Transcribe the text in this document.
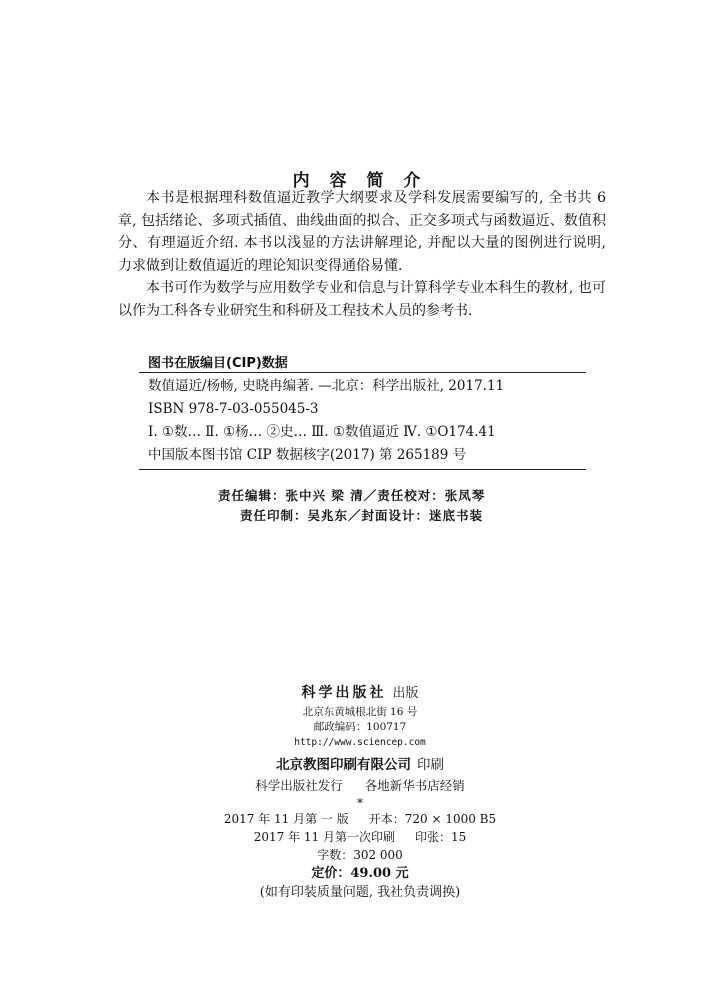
内 容 简 介

本书是根据理科数值逼近教学大纲要求及学科发展需要编写的, 全书共 6 章, 包括绪论、多项式插值、曲线曲面的拟合、正交多项式与函数逼近、数值积分、有理逼近介绍. 本书以浅显的方法讲解理论, 并配以大量的图例进行说明, 力求做到让数值逼近的理论知识变得通俗易懂.

本书可作为数学与应用数学专业和信息与计算科学专业本科生的教材, 也可以作为工科各专业研究生和科研及工程技术人员的参考书.

图书在版编目(CIP)数据
数值逼近/杨畅, 史晓冉编著. —北京：科学出版社, 2017.11
ISBN 978-7-03-055045-3
Ⅰ. ①数… Ⅱ. ①杨… ②史… Ⅲ. ①数值逼近 Ⅳ. ①O174.41
中国版本图书馆 CIP 数据核字(2017) 第 265189 号
责任编辑：张中兴 梁 清／责任校对：张凤琴
责任印制：吴兆东／封面设计：迷底书装
科学出版社 出版
北京东黄城根北街 16 号
邮政编码：100717
http://www.sciencep.com
北京教图印刷有限公司 印刷
科学出版社发行 各地新华书店经销
*
2017 年 11 月第 一 版 开本：720 × 1000 B5
2017 年 11 月第一次印刷 印张：15
字数：302 000
定价：49.00 元
(如有印装质量问题, 我社负责调换)
